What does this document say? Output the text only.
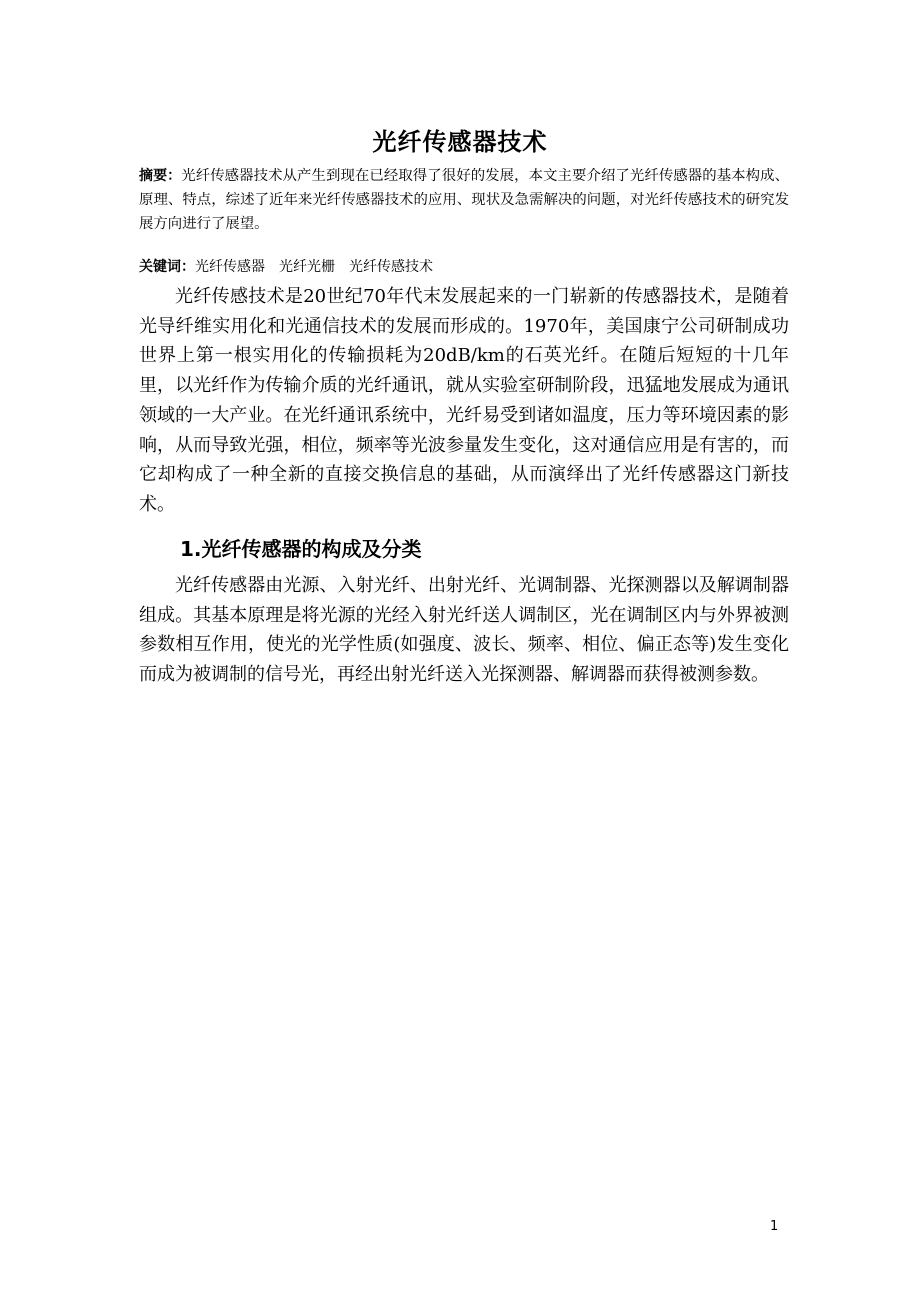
光纤传感器技术
摘要：光纤传感器技术从产生到现在已经取得了很好的发展，本文主要介绍了光纤传感器的基本构成、原理、特点，综述了近年来光纤传感器技术的应用、现状及急需解决的问题，对光纤传感技术的研究发展方向进行了展望。
关键词：光纤传感器 光纤光栅 光纤传感技术

光纤传感技术是20世纪70年代末发展起来的一门崭新的传感器技术，是随着光导纤维实用化和光通信技术的发展而形成的。1970年，美国康宁公司研制成功世界上第一根实用化的传输损耗为20dB/km的石英光纤。在随后短短的十几年里，以光纤作为传输介质的光纤通讯，就从实验室研制阶段，迅猛地发展成为通讯领域的一大产业。在光纤通讯系统中，光纤易受到诸如温度，压力等环境因素的影响，从而导致光强，相位，频率等光波参量发生变化，这对通信应用是有害的，而它却构成了一种全新的直接交换信息的基础，从而演绎出了光纤传感器这门新技术。

1.光纤传感器的构成及分类

光纤传感器由光源、入射光纤、出射光纤、光调制器、光探测器以及解调制器组成。其基本原理是将光源的光经入射光纤送人调制区，光在调制区内与外界被测参数相互作用，使光的光学性质(如强度、波长、频率、相位、偏正态等)发生变化而成为被调制的信号光，再经出射光纤送入光探测器、解调器而获得被测参数。

1
